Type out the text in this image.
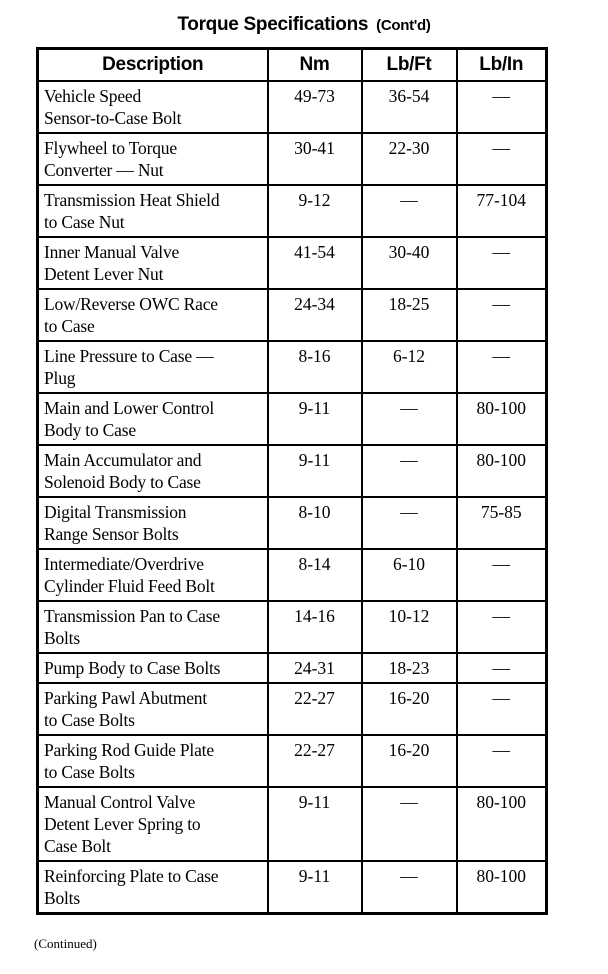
Torque Specifications (Cont'd)
Description	Nm	Lb/Ft	Lb/In

Vehicle Speed
Sensor-to-Case Bolt	49-73	36-54	—

Flywheel to Torque
Converter — Nut	30-41	22-30	—

Transmission Heat Shield
to Case Nut	9-12	—	77-104

Inner Manual Valve
Detent Lever Nut	41-54	30-40	—

Low/Reverse OWC Race
to Case	24-34	18-25	—

Line Pressure to Case —
Plug	8-16	6-12	—

Main and Lower Control
Body to Case	9-11	—	80-100

Main Accumulator and
Solenoid Body to Case	9-11	—	80-100

Digital Transmission
Range Sensor Bolts	8-10	—	75-85

Intermediate/Overdrive
Cylinder Fluid Feed Bolt	8-14	6-10	—

Transmission Pan to Case
Bolts	14-16	10-12	—

Pump Body to Case Bolts	24-31	18-23	—

Parking Pawl Abutment
to Case Bolts	22-27	16-20	—

Parking Rod Guide Plate
to Case Bolts	22-27	16-20	—

Manual Control Valve
Detent Lever Spring to
Case Bolt	9-11	—	80-100

Reinforcing Plate to Case
Bolts	9-11	—	80-100
(Continued)
